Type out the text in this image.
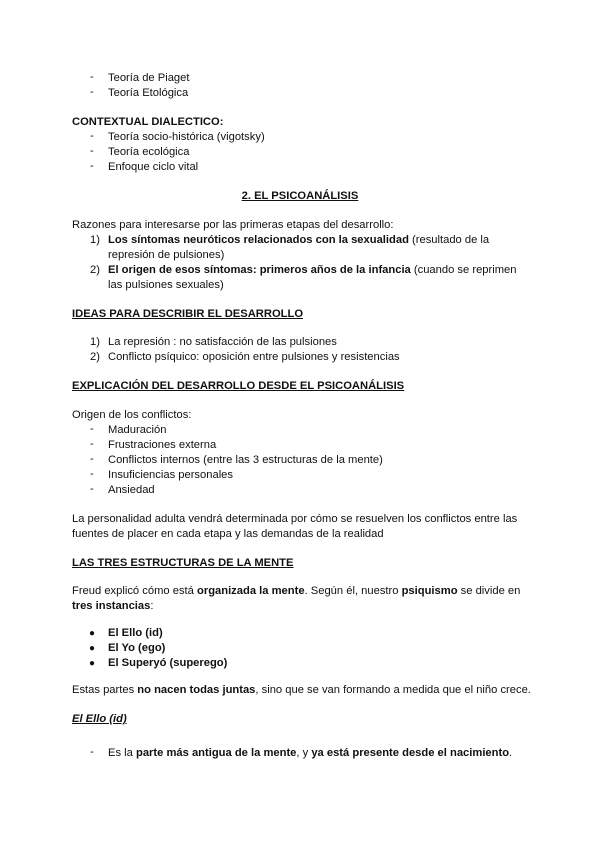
-	Teoría de Piaget
-	Teoría Etológica
CONTEXTUAL DIALECTICO:
-	Teoría socio-histórica (vigotsky)
-	Teoría ecológica
-	Enfoque ciclo vital
2. EL PSICOANÁLISIS
Razones para interesarse por las primeras etapas del desarrollo:
1) Los síntomas neuróticos relacionados con la sexualidad (resultado de la
represión de pulsiones)
2) El origen de esos síntomas: primeros años de la infancia (cuando se reprimen
las pulsiones sexuales)
IDEAS PARA DESCRIBIR EL DESARROLLO
1) La represión : no satisfacción de las pulsiones
2) Conflicto psíquico: oposición entre pulsiones y resistencias
EXPLICACIÓN DEL DESARROLLO DESDE EL PSICOANÁLISIS
Origen de los conflictos:
-	Maduración
-	Frustraciones externa
-	Conflictos internos (entre las 3 estructuras de la mente)
-	Insuficiencias personales
-	Ansiedad
La personalidad adulta vendrá determinada por cómo se resuelven los conflictos entre las
fuentes de placer en cada etapa y las demandas de la realidad
LAS TRES ESTRUCTURAS DE LA MENTE
Freud explicó cómo está organizada la mente. Según él, nuestro psiquismo se divide en
tres instancias:
● El Ello (id)
● El Yo (ego)
● El Superyó (superego)
Estas partes no nacen todas juntas, sino que se van formando a medida que el niño crece.
El Ello (id)
-	Es la parte más antigua de la mente, y ya está presente desde el nacimiento.
